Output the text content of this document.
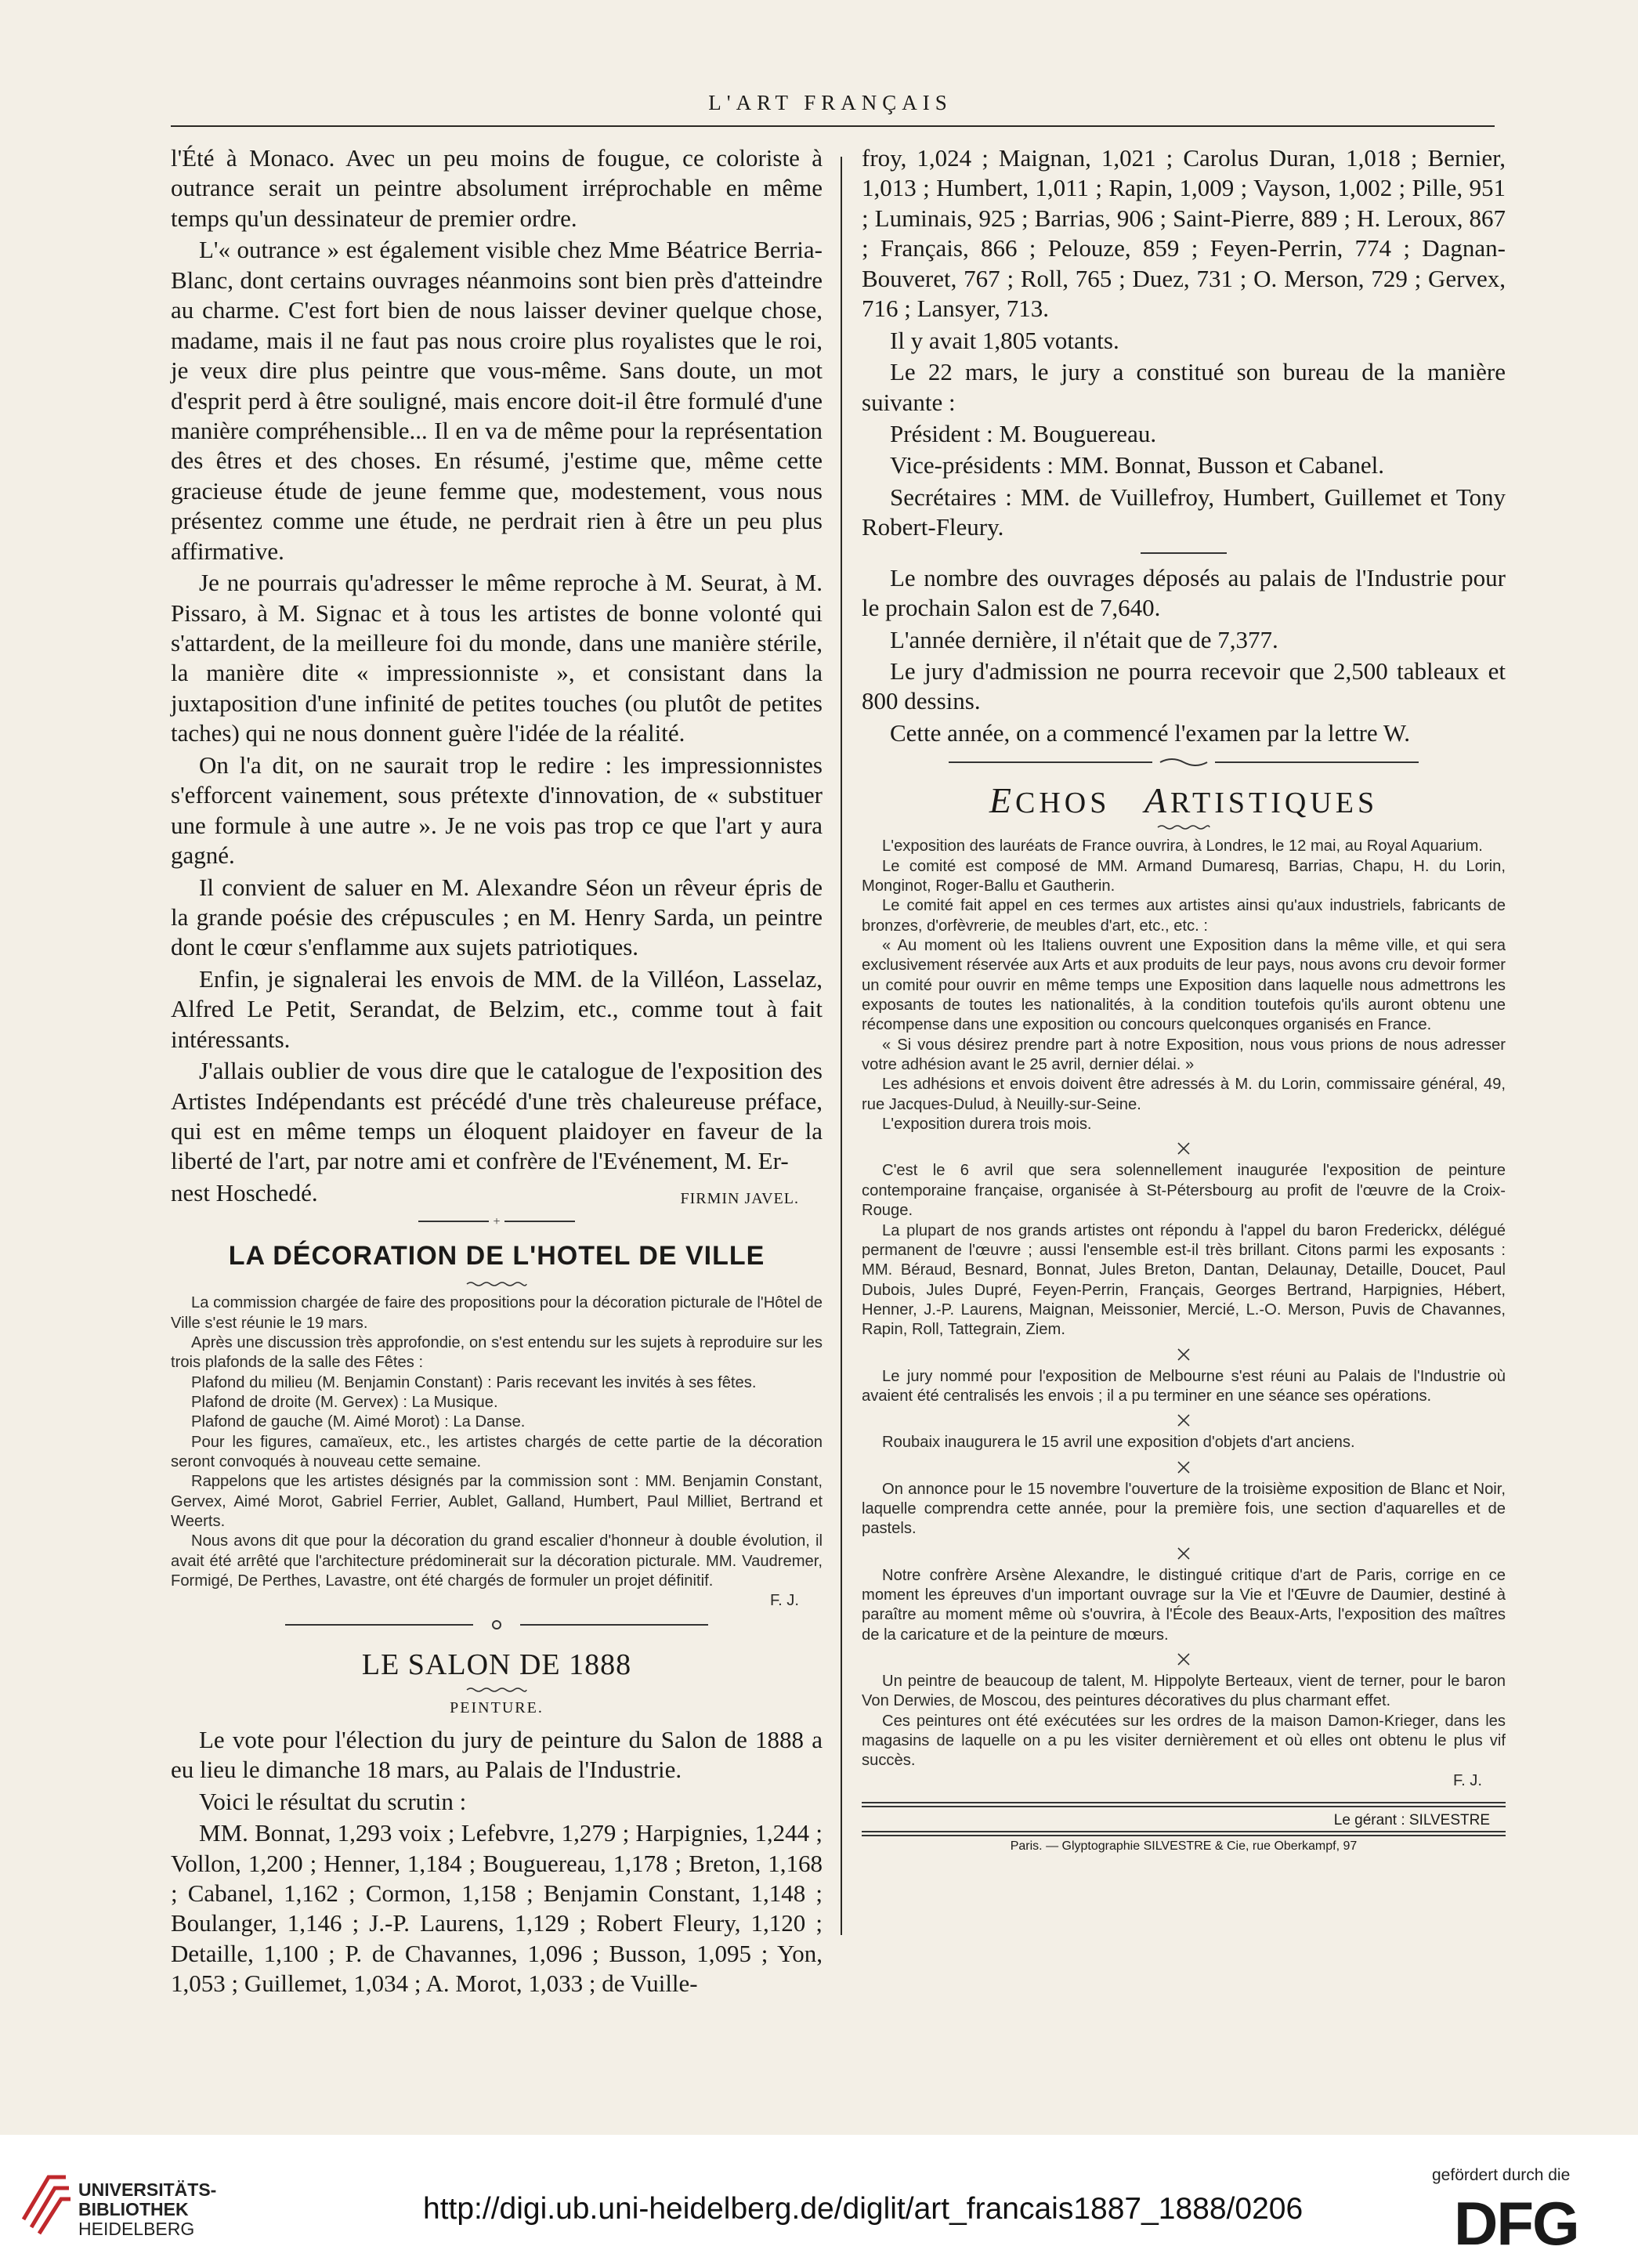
L'ART FRANÇAIS

l'Été à Monaco. Avec un peu moins de fougue, ce coloriste à outrance serait un peintre absolument irréprochable en même temps qu'un dessinateur de premier ordre.

L'« outrance » est également visible chez Mme Béatrice Berria-Blanc, dont certains ouvrages néanmoins sont bien près d'atteindre au charme. C'est fort bien de nous laisser deviner quelque chose, madame, mais il ne faut pas nous croire plus royalistes que le roi, je veux dire plus peintre que vous-même. Sans doute, un mot d'esprit perd à être souligné, mais encore doit-il être formulé d'une manière compréhensible... Il en va de même pour la représentation des êtres et des choses. En résumé, j'estime que, même cette gracieuse étude de jeune femme que, modestement, vous nous présentez comme une étude, ne perdrait rien à être un peu plus affirmative.

Je ne pourrais qu'adresser le même reproche à M. Seurat, à M. Pissaro, à M. Signac et à tous les artistes de bonne volonté qui s'attardent, de la meilleure foi du monde, dans une manière stérile, la manière dite « impressionniste », et consistant dans la juxtaposition d'une infinité de petites touches (ou plutôt de petites taches) qui ne nous donnent guère l'idée de la réalité.

On l'a dit, on ne saurait trop le redire : les impressionnistes s'efforcent vainement, sous prétexte d'innovation, de « substituer une formule à une autre ». Je ne vois pas trop ce que l'art y aura gagné.

Il convient de saluer en M. Alexandre Séon un rêveur épris de la grande poésie des crépuscules ; en M. Henry Sarda, un peintre dont le cœur s'enflamme aux sujets patriotiques.

Enfin, je signalerai les envois de MM. de la Villéon, Lasselaz, Alfred Le Petit, Serandat, de Belzim, etc., comme tout à fait intéressants.

J'allais oublier de vous dire que le catalogue de l'exposition des Artistes Indépendants est précédé d'une très chaleureuse préface, qui est en même temps un éloquent plaidoyer en faveur de la liberté de l'art, par notre ami et confrère de l'Evénement, M. Er-

nest Hoschedé.	FIRMIN JAVEL.
+
LA DÉCORATION DE L'HOTEL DE VILLE

La commission chargée de faire des propositions pour la décoration picturale de l'Hôtel de Ville s'est réunie le 19 mars.

Après une discussion très approfondie, on s'est entendu sur les sujets à reproduire sur les trois plafonds de la salle des Fêtes :

Plafond du milieu (M. Benjamin Constant) : Paris recevant les invités à ses fêtes.

Plafond de droite (M. Gervex) : La Musique.

Plafond de gauche (M. Aimé Morot) : La Danse.

Pour les figures, camaïeux, etc., les artistes chargés de cette partie de la décoration seront convoqués à nouveau cette semaine.

Rappelons que les artistes désignés par la commission sont : MM. Benjamin Constant, Gervex, Aimé Morot, Gabriel Ferrier, Aublet, Galland, Humbert, Paul Milliet, Bertrand et Weerts.

Nous avons dit que pour la décoration du grand escalier d'honneur à double évolution, il avait été arrêté que l'architecture prédominerait sur la décoration picturale. MM. Vaudremer, Formigé, De Perthes, Lavastre, ont été chargés de formuler un projet définitif.

F. J.

LE SALON DE 1888
PEINTURE.

Le vote pour l'élection du jury de peinture du Salon de 1888 a eu lieu le dimanche 18 mars, au Palais de l'Industrie.

Voici le résultat du scrutin :

MM. Bonnat, 1,293 voix ; Lefebvre, 1,279 ; Harpignies, 1,244 ; Vollon, 1,200 ; Henner, 1,184 ; Bouguereau, 1,178 ; Breton, 1,168 ; Cabanel, 1,162 ; Cormon, 1,158 ; Benjamin Constant, 1,148 ; Boulanger, 1,146 ; J.-P. Laurens, 1,129 ; Robert Fleury, 1,120 ; Detaille, 1,100 ; P. de Chavannes, 1,096 ; Busson, 1,095 ; Yon, 1,053 ; Guillemet, 1,034 ; A. Morot, 1,033 ; de Vuille-

froy, 1,024 ; Maignan, 1,021 ; Carolus Duran, 1,018 ; Bernier, 1,013 ; Humbert, 1,011 ; Rapin, 1,009 ; Vayson, 1,002 ; Pille, 951 ; Luminais, 925 ; Barrias, 906 ; Saint-Pierre, 889 ; H. Leroux, 867 ; Français, 866 ; Pelouze, 859 ; Feyen-Perrin, 774 ; Dagnan-Bouveret, 767 ; Roll, 765 ; Duez, 731 ; O. Merson, 729 ; Gervex, 716 ; Lansyer, 713.

Il y avait 1,805 votants.

Le 22 mars, le jury a constitué son bureau de la manière suivante :

Président : M. Bouguereau.

Vice-présidents : MM. Bonnat, Busson et Cabanel.

Secrétaires : MM. de Vuillefroy, Humbert, Guillemet et Tony Robert-Fleury.

Le nombre des ouvrages déposés au palais de l'Industrie pour le prochain Salon est de 7,640.

L'année dernière, il n'était que de 7,377.

Le jury d'admission ne pourra recevoir que 2,500 tableaux et 800 dessins.

Cette année, on a commencé l'examen par la lettre W.

ECHOS ARTISTIQUES

L'exposition des lauréats de France ouvrira, à Londres, le 12 mai, au Royal Aquarium.

Le comité est composé de MM. Armand Dumaresq, Barrias, Chapu, H. du Lorin, Monginot, Roger-Ballu et Gautherin.

Le comité fait appel en ces termes aux artistes ainsi qu'aux industriels, fabricants de bronzes, d'orfèvrerie, de meubles d'art, etc., etc. :

« Au moment où les Italiens ouvrent une Exposition dans la même ville, et qui sera exclusivement réservée aux Arts et aux produits de leur pays, nous avons cru devoir former un comité pour ouvrir en même temps une Exposition dans laquelle nous admettrons les exposants de toutes les nationalités, à la condition toutefois qu'ils auront obtenu une récompense dans une exposition ou concours quelconques organisés en France.

« Si vous désirez prendre part à notre Exposition, nous vous prions de nous adresser votre adhésion avant le 25 avril, dernier délai. »

Les adhésions et envois doivent être adressés à M. du Lorin, commissaire général, 49, rue Jacques-Dulud, à Neuilly-sur-Seine.

L'exposition durera trois mois.

C'est le 6 avril que sera solennellement inaugurée l'exposition de peinture contemporaine française, organisée à St-Pétersbourg au profit de l'œuvre de la Croix-Rouge.

La plupart de nos grands artistes ont répondu à l'appel du baron Frederickx, délégué permanent de l'œuvre ; aussi l'ensemble est-il très brillant. Citons parmi les exposants : MM. Béraud, Besnard, Bonnat, Jules Breton, Dantan, Delaunay, Detaille, Doucet, Paul Dubois, Jules Dupré, Feyen-Perrin, Français, Georges Bertrand, Harpignies, Hébert, Henner, J.-P. Laurens, Maignan, Meissonier, Mercié, L.-O. Merson, Puvis de Chavannes, Rapin, Roll, Tattegrain, Ziem.

Le jury nommé pour l'exposition de Melbourne s'est réuni au Palais de l'Industrie où avaient été centralisés les envois ; il a pu terminer en une séance ses opérations.

Roubaix inaugurera le 15 avril une exposition d'objets d'art anciens.

On annonce pour le 15 novembre l'ouverture de la troisième exposition de Blanc et Noir, laquelle comprendra cette année, pour la première fois, une section d'aquarelles et de pastels.

Notre confrère Arsène Alexandre, le distingué critique d'art de Paris, corrige en ce moment les épreuves d'un important ouvrage sur la Vie et l'Œuvre de Daumier, destiné à paraître au moment même où s'ouvrira, à l'École des Beaux-Arts, l'exposition des maîtres de la caricature et de la peinture de mœurs.

Un peintre de beaucoup de talent, M. Hippolyte Berteaux, vient de terner, pour le baron Von Derwies, de Moscou, des peintures décoratives du plus charmant effet.

Ces peintures ont été exécutées sur les ordres de la maison Damon-Krieger, dans les magasins de laquelle on a pu les visiter dernièrement et où elles ont obtenu le plus vif succès.

F. J.

Le gérant : SILVESTRE
Paris. — Glyptographie SILVESTRE & Cie, rue Oberkampf, 97
UNIVERSITÄTS-
BIBLIOTHEK
HEIDELBERG
http://digi.ub.uni-heidelberg.de/diglit/art_francais1887_1888/0206
gefördert durch die
DFG
